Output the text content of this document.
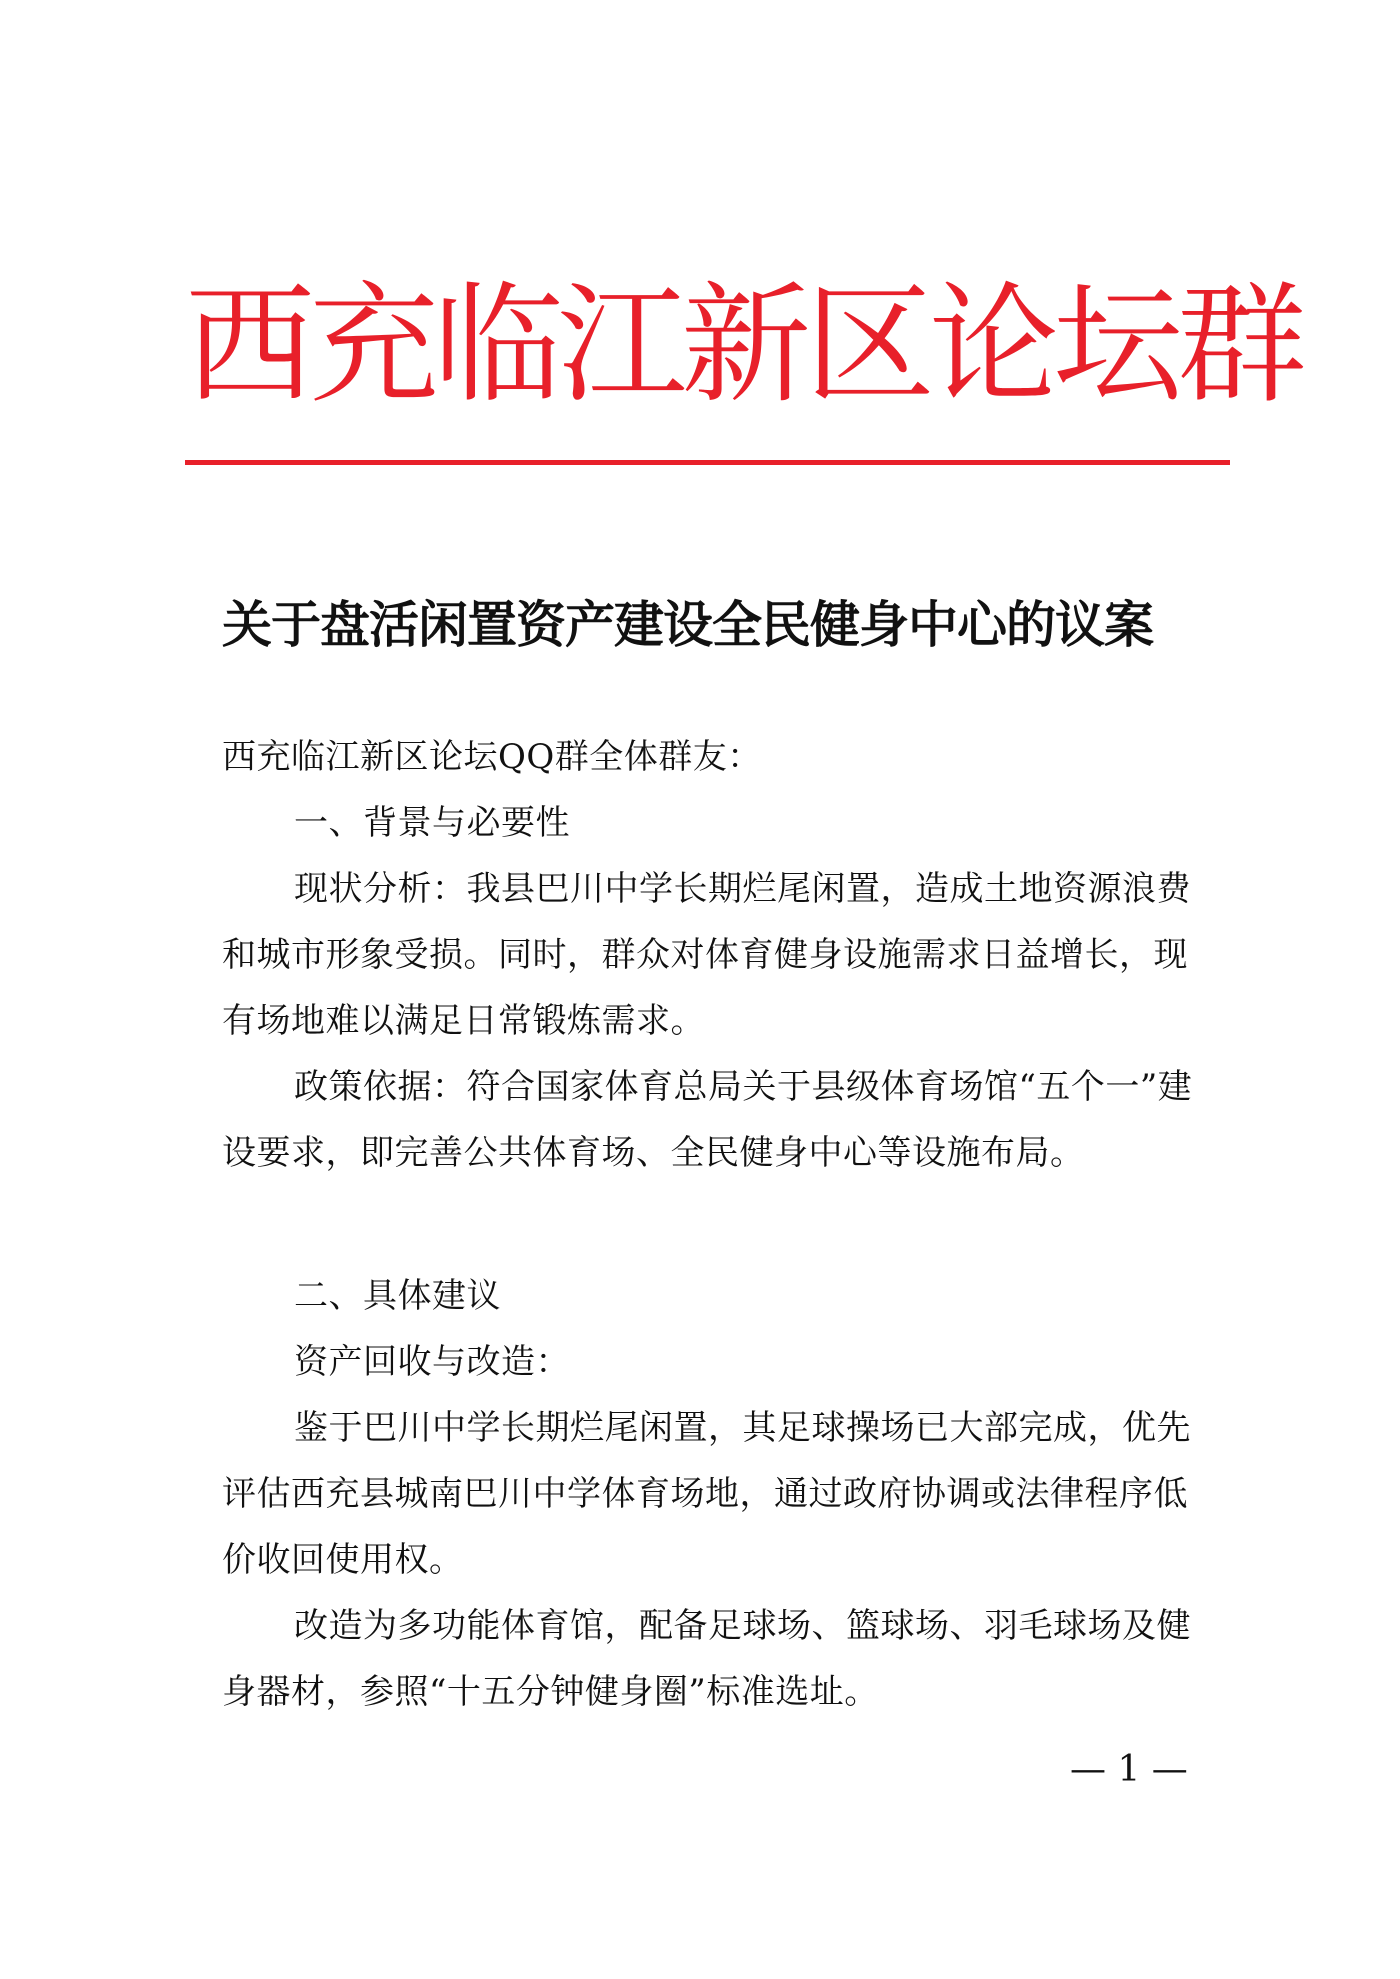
西充临江新区论坛群
关于盘活闲置资产建设全民健身中心的议案

西充临江新区论坛QQ群全体群友：

一、背景与必要性

现状分析：我县巴川中学长期烂尾闲置，造成土地资源浪费和城市形象受损。同时，群众对体育健身设施需求日益增长，现有场地难以满足日常锻炼需求。

政策依据：符合国家体育总局关于县级体育场馆“五个一”建设要求，即完善公共体育场、全民健身中心等设施布局。

二、具体建议

资产回收与改造：

鉴于巴川中学长期烂尾闲置，其足球操场已大部完成，优先评估西充县城南巴川中学体育场地，通过政府协调或法律程序低价收回使用权。

改造为多功能体育馆，配备足球场、篮球场、羽毛球场及健身器材，参照“十五分钟健身圈”标准选址。

— 1 —
